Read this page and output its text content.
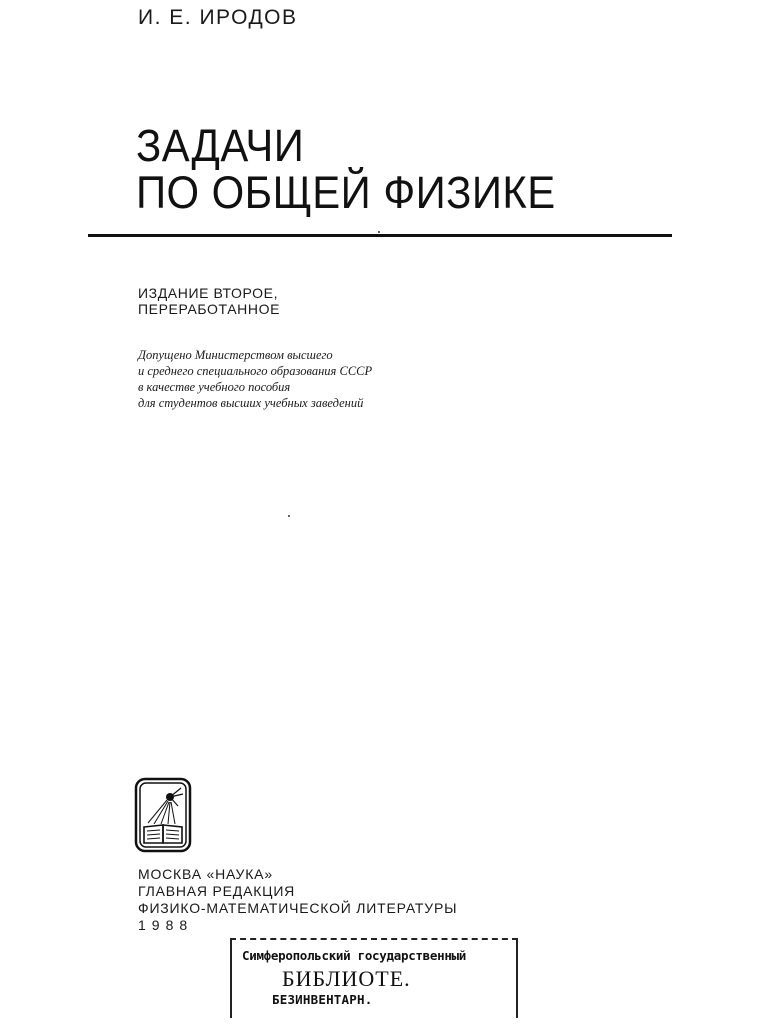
И. Е. ИРОДОВ
ЗАДАЧИ
ПО ОБЩЕЙ ФИЗИКЕ
ИЗДАНИЕ ВТОРОЕ,
ПЕРЕРАБОТАННОЕ
Допущено Министерством высшего
и среднего специального образования СССР
в качестве учебного пособия
для студентов высших учебных заведений
МОСКВА «НАУКА»
ГЛАВНАЯ РЕДАКЦИЯ
ФИЗИКО-МАТЕМАТИЧЕСКОЙ ЛИТЕРАТУРЫ
1988
Симферопольский государственный
БИБЛИОТЕ.
БЕЗИНВЕНТАРН.
